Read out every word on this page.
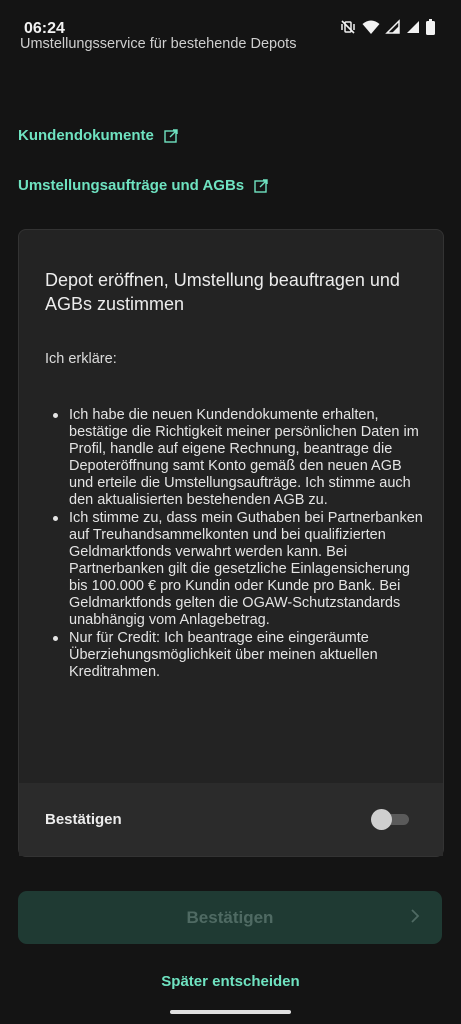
06:24
Umstellungsservice für bestehende Depots
Kundendokumente
Umstellungsaufträge und AGBs
Depot eröffnen, Umstellung beauftragen und AGBs zustimmen
Ich erkläre:
Ich habe die neuen Kundendokumente erhalten, bestätige die Richtigkeit meiner persönlichen Daten im Profil, handle auf eigene Rechnung, beantrage die Depoteröffnung samt Konto gemäß den neuen AGB und erteile die Umstellungsaufträge. Ich stimme auch den aktualisierten bestehenden AGB zu.
Ich stimme zu, dass mein Guthaben bei Partnerbanken auf Treuhandsammelkonten und bei qualifizierten Geldmarktfonds verwahrt werden kann. Bei Partnerbanken gilt die gesetzliche Einlagensicherung bis 100.000 € pro Kundin oder Kunde pro Bank. Bei Geldmarktfonds gelten die OGAW-Schutzstandards unabhängig vom Anlagebetrag.
Nur für Credit: Ich beantrage eine eingeräumte Überziehungsmöglichkeit über meinen aktuellen Kreditrahmen.
Bestätigen
Bestätigen
Später entscheiden
